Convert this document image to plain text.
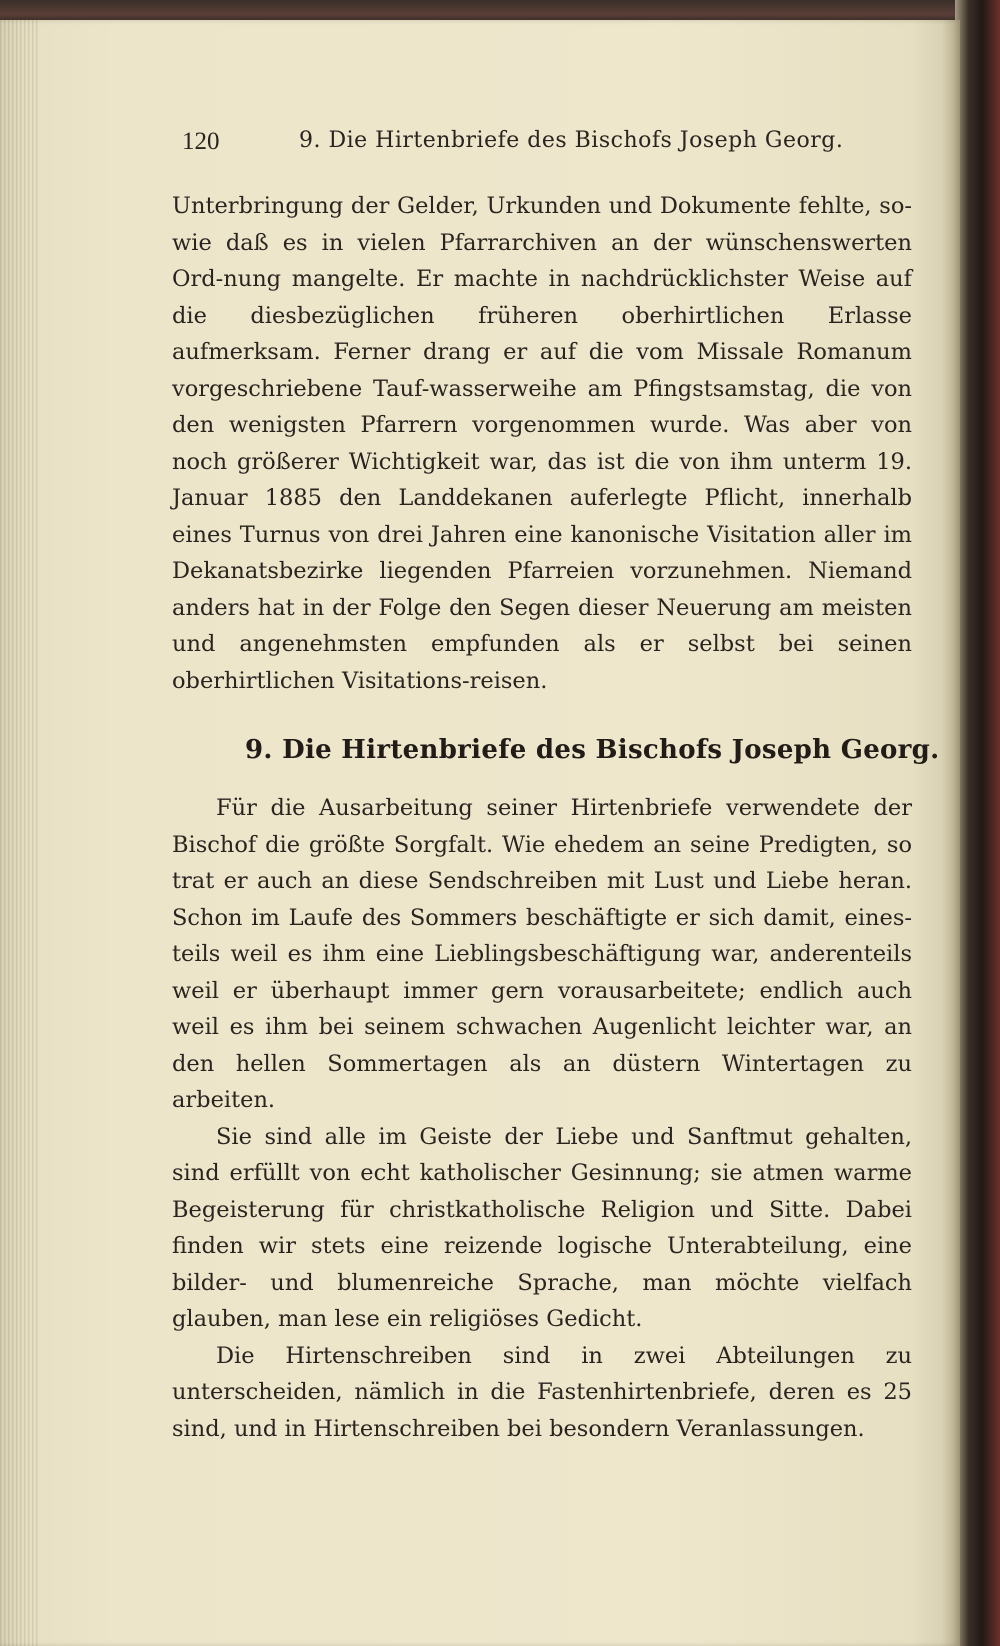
120	9. Die Hirtenbriefe des Bischofs Joseph Georg.

Unterbringung der Gelder, Urkunden und Dokumente fehlte, so-wie daß es in vielen Pfarrarchiven an der wünschenswerten Ord-nung mangelte. Er machte in nachdrücklichster Weise auf die diesbezüglichen früheren oberhirtlichen Erlasse aufmerksam. Ferner drang er auf die vom Missale Romanum vorgeschriebene Tauf-wasserweihe am Pfingstsamstag, die von den wenigsten Pfarrern vorgenommen wurde. Was aber von noch größerer Wichtigkeit war, das ist die von ihm unterm 19. Januar 1885 den Landdekanen auferlegte Pflicht, innerhalb eines Turnus von drei Jahren eine kanonische Visitation aller im Dekanatsbezirke liegenden Pfarreien vorzunehmen. Niemand anders hat in der Folge den Segen dieser Neuerung am meisten und angenehmsten empfunden als er selbst bei seinen oberhirtlichen Visitations-reisen.

9. Die Hirtenbriefe des Bischofs Joseph Georg.

Für die Ausarbeitung seiner Hirtenbriefe verwendete der Bischof die größte Sorgfalt. Wie ehedem an seine Predigten, so trat er auch an diese Sendschreiben mit Lust und Liebe heran. Schon im Laufe des Sommers beschäftigte er sich damit, eines-teils weil es ihm eine Lieblingsbeschäftigung war, anderenteils weil er überhaupt immer gern vorausarbeitete; endlich auch weil es ihm bei seinem schwachen Augenlicht leichter war, an den hellen Sommertagen als an düstern Wintertagen zu arbeiten.

Sie sind alle im Geiste der Liebe und Sanftmut gehalten, sind erfüllt von echt katholischer Gesinnung; sie atmen warme Begeisterung für christkatholische Religion und Sitte. Dabei finden wir stets eine reizende logische Unterabteilung, eine bilder- und blumenreiche Sprache, man möchte vielfach glauben, man lese ein religiöses Gedicht.

Die Hirtenschreiben sind in zwei Abteilungen zu unterscheiden, nämlich in die Fastenhirtenbriefe, deren es 25 sind, und in Hirtenschreiben bei besondern Veranlassungen.
